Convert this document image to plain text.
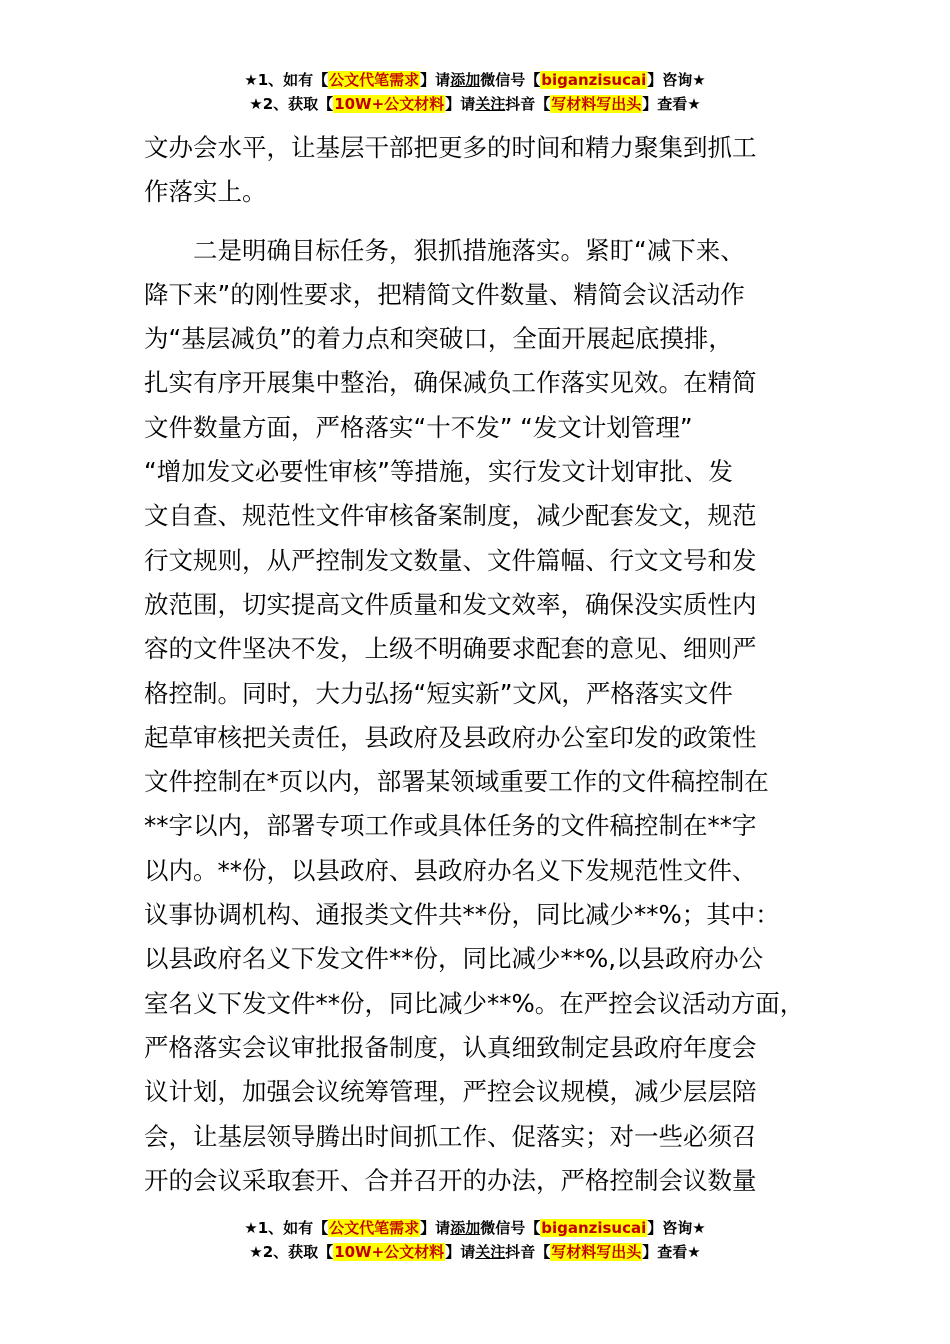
★1、如有【公文代笔需求】请添加微信号【biganzisucai】咨询★
★2、获取【10W+公文材料】请关注抖音【写材料写出头】查看★

文办会水平，让基层干部把更多的时间和精力聚集到抓工

作落实上。

　　二是明确目标任务，狠抓措施落实。紧盯“减下来、

降下来”的刚性要求，把精简文件数量、精简会议活动作

为“基层减负”的着力点和突破口，全面开展起底摸排，

扎实有序开展集中整治，确保减负工作落实见效。在精简

文件数量方面，严格落实“十不发” “发文计划管理”

“增加发文必要性审核”等措施，实行发文计划审批、发

文自查、规范性文件审核备案制度，减少配套发文，规范

行文规则，从严控制发文数量、文件篇幅、行文文号和发

放范围，切实提高文件质量和发文效率，确保没实质性内

容的文件坚决不发，上级不明确要求配套的意见、细则严

格控制。同时，大力弘扬“短实新”文风，严格落实文件

起草审核把关责任，县政府及县政府办公室印发的政策性

文件控制在*页以内，部署某领域重要工作的文件稿控制在

**字以内，部署专项工作或具体任务的文件稿控制在**字

以内。**份，以县政府、县政府办名义下发规范性文件、

议事协调机构、通报类文件共**份，同比减少**%；其中：

以县政府名义下发文件**份，同比减少**%,以县政府办公

室名义下发文件**份，同比减少**%。在严控会议活动方面，

严格落实会议审批报备制度，认真细致制定县政府年度会

议计划，加强会议统筹管理，严控会议规模，减少层层陪

会，让基层领导腾出时间抓工作、促落实；对一些必须召

开的会议采取套开、合并召开的办法，严格控制会议数量

★1、如有【公文代笔需求】请添加微信号【biganzisucai】咨询★
★2、获取【10W+公文材料】请关注抖音【写材料写出头】查看★
